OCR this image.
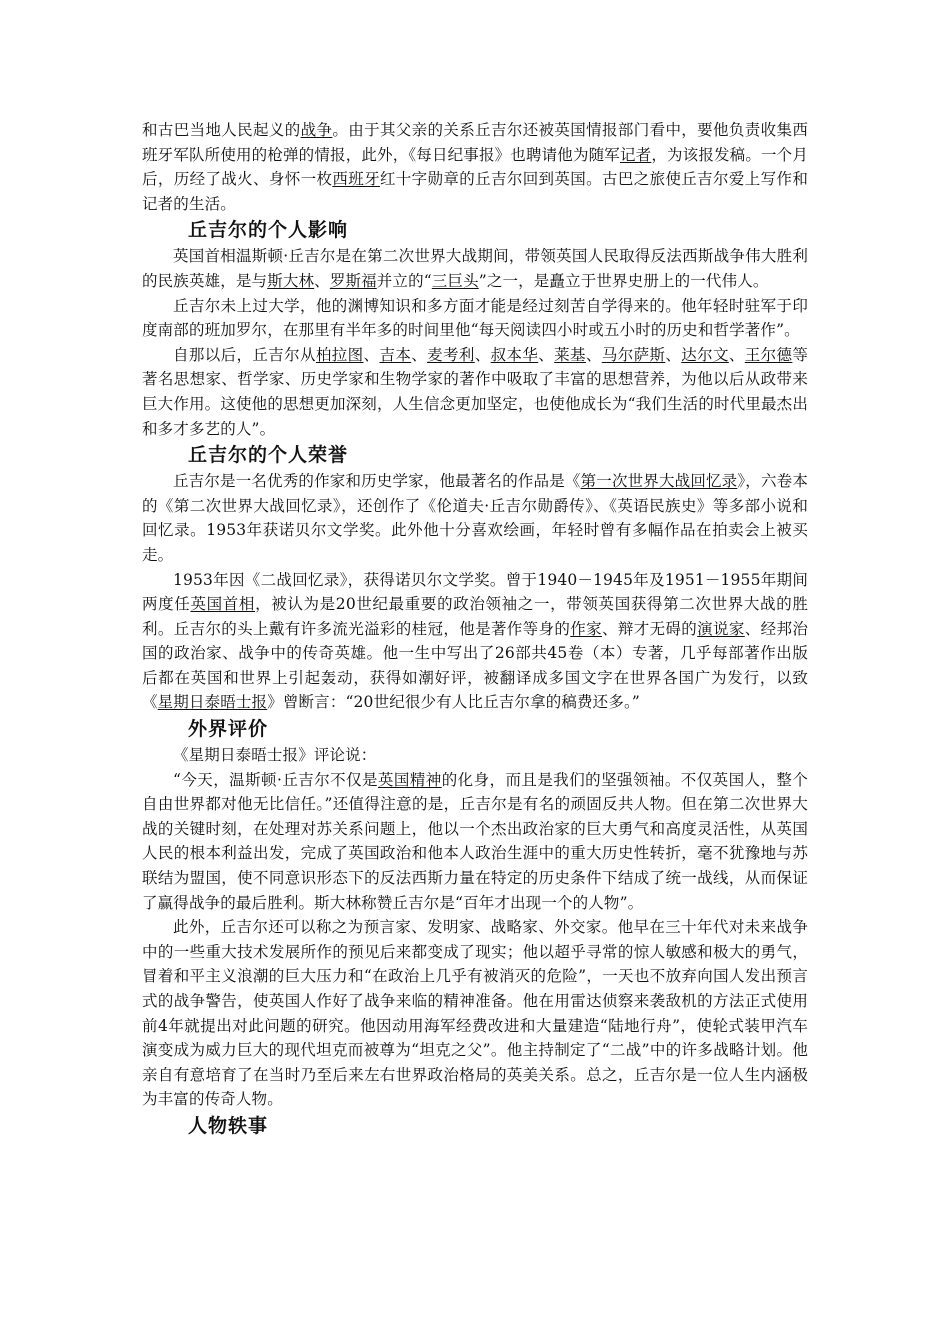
和古巴当地人民起义的战争。由于其父亲的关系丘吉尔还被英国情报部门看中，要他负责收集西班牙军队所使用的枪弹的情报，此外，《每日纪事报》也聘请他为随军记者，为该报发稿。一个月后，历经了战火、身怀一枚西班牙红十字勋章的丘吉尔回到英国。古巴之旅使丘吉尔爱上写作和记者的生活。

丘吉尔的个人影响

英国首相温斯顿·丘吉尔是在第二次世界大战期间，带领英国人民取得反法西斯战争伟大胜利的民族英雄，是与斯大林、罗斯福并立的“三巨头”之一，是矗立于世界史册上的一代伟人。

丘吉尔未上过大学，他的渊博知识和多方面才能是经过刻苦自学得来的。他年轻时驻军于印度南部的班加罗尔，在那里有半年多的时间里他“每天阅读四小时或五小时的历史和哲学著作”。

自那以后，丘吉尔从柏拉图、吉本、麦考利、叔本华、莱基、马尔萨斯、达尔文、王尔德等著名思想家、哲学家、历史学家和生物学家的著作中吸取了丰富的思想营养，为他以后从政带来巨大作用。这使他的思想更加深刻，人生信念更加坚定，也使他成长为“我们生活的时代里最杰出和多才多艺的人”。

丘吉尔的个人荣誉

丘吉尔是一名优秀的作家和历史学家，他最著名的作品是《第一次世界大战回忆录》，六卷本的《第二次世界大战回忆录》，还创作了《伦道夫·丘吉尔勋爵传》、《英语民族史》等多部小说和回忆录。1953年获诺贝尔文学奖。此外他十分喜欢绘画，年轻时曾有多幅作品在拍卖会上被买走。

1953年因《二战回忆录》，获得诺贝尔文学奖。曾于1940－1945年及1951－1955年期间两度任英国首相，被认为是20世纪最重要的政治领袖之一，带领英国获得第二次世界大战的胜利。丘吉尔的头上戴有许多流光溢彩的桂冠，他是著作等身的作家、辩才无碍的演说家、经邦治国的政治家、战争中的传奇英雄。他一生中写出了26部共45卷（本）专著，几乎每部著作出版后都在英国和世界上引起轰动，获得如潮好评，被翻译成多国文字在世界各国广为发行，以致《星期日泰晤士报》曾断言：“20世纪很少有人比丘吉尔拿的稿费还多。”

外界评价

《星期日泰晤士报》评论说：

“今天，温斯顿·丘吉尔不仅是英国精神的化身，而且是我们的坚强领袖。不仅英国人，整个自由世界都对他无比信任。”还值得注意的是，丘吉尔是有名的顽固反共人物。但在第二次世界大战的关键时刻，在处理对苏关系问题上，他以一个杰出政治家的巨大勇气和高度灵活性，从英国人民的根本利益出发，完成了英国政治和他本人政治生涯中的重大历史性转折，毫不犹豫地与苏联结为盟国，使不同意识形态下的反法西斯力量在特定的历史条件下结成了统一战线，从而保证了赢得战争的最后胜利。斯大林称赞丘吉尔是“百年才出现一个的人物”。

此外，丘吉尔还可以称之为预言家、发明家、战略家、外交家。他早在三十年代对未来战争中的一些重大技术发展所作的预见后来都变成了现实；他以超乎寻常的惊人敏感和极大的勇气，冒着和平主义浪潮的巨大压力和“在政治上几乎有被消灭的危险”，一天也不放弃向国人发出预言式的战争警告，使英国人作好了战争来临的精神准备。他在用雷达侦察来袭敌机的方法正式使用前4年就提出对此问题的研究。他因动用海军经费改进和大量建造“陆地行舟”，使轮式装甲汽车演变成为威力巨大的现代坦克而被尊为“坦克之父”。他主持制定了“二战”中的许多战略计划。他亲自有意培育了在当时乃至后来左右世界政治格局的英美关系。总之，丘吉尔是一位人生内涵极为丰富的传奇人物。

人物轶事
